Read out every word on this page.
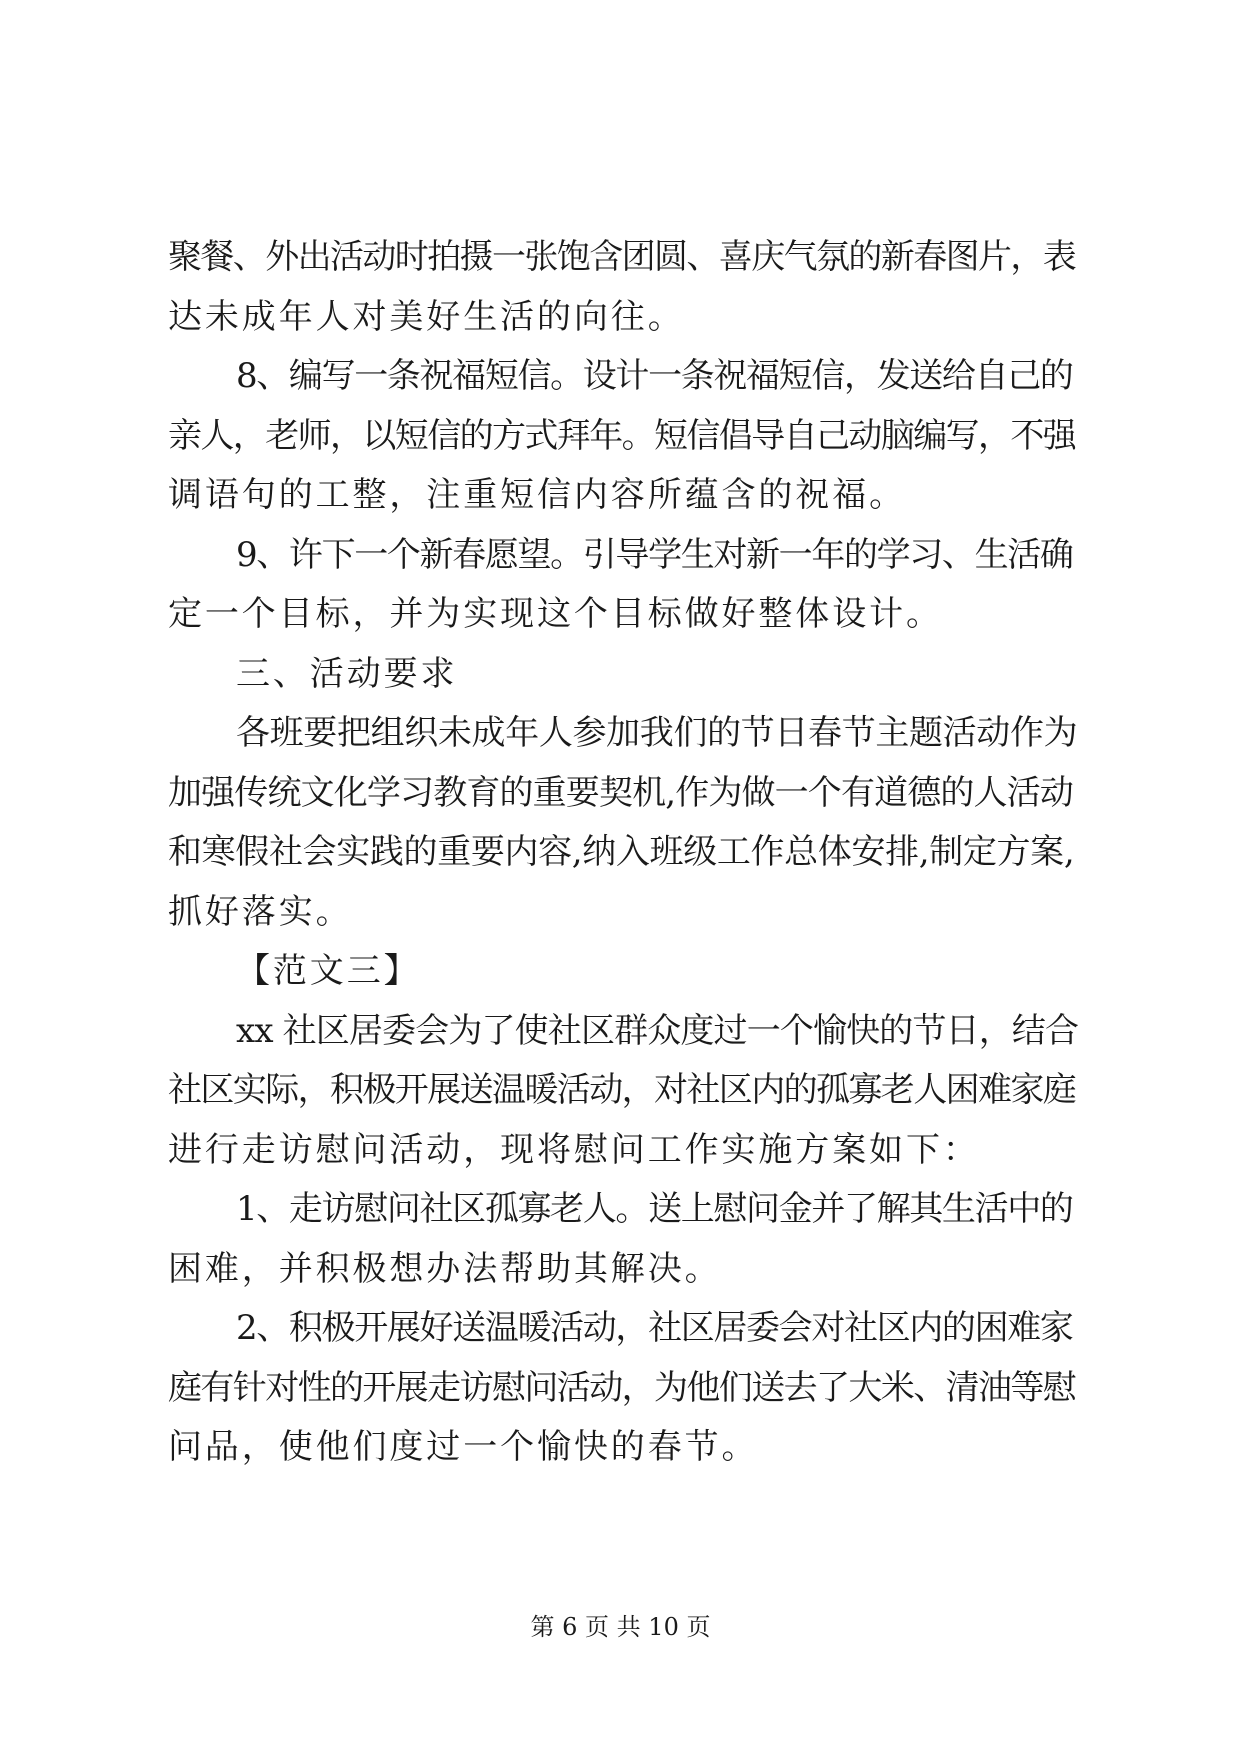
聚餐、外出活动时拍摄一张饱含团圆、喜庆气氛的新春图片，表
达未成年人对美好生活的向往。
8、编写一条祝福短信。设计一条祝福短信，发送给自己的
亲人，老师，以短信的方式拜年。短信倡导自己动脑编写，不强
调语句的工整，注重短信内容所蕴含的祝福。
9、许下一个新春愿望。引导学生对新一年的学习、生活确
定一个目标，并为实现这个目标做好整体设计。
三、活动要求
各班要把组织未成年人参加我们的节日春节主题活动作为
加强传统文化学习教育的重要契机,作为做一个有道德的人活动
和寒假社会实践的重要内容,纳入班级工作总体安排,制定方案,
抓好落实。
【范文三】
xx 社区居委会为了使社区群众度过一个愉快的节日，结合
社区实际，积极开展送温暖活动，对社区内的孤寡老人困难家庭
进行走访慰问活动，现将慰问工作实施方案如下：
1、走访慰问社区孤寡老人。送上慰问金并了解其生活中的
困难，并积极想办法帮助其解决。
2、积极开展好送温暖活动，社区居委会对社区内的困难家
庭有针对性的开展走访慰问活动，为他们送去了大米、清油等慰
问品，使他们度过一个愉快的春节。
第 6 页 共 10 页
